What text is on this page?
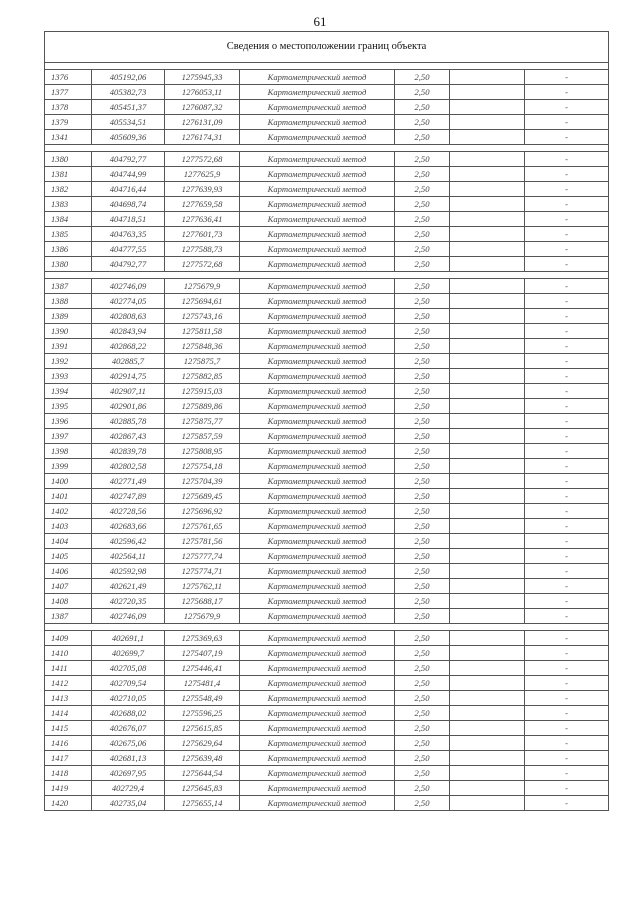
61
Сведения о местоположении границ объекта						

1376	405192,06	1275945,33	Картометрический метод	2,50		-
1377	405382,73	1276053,11	Картометрический метод	2,50		-
1378	405451,37	1276087,32	Картометрический метод	2,50		-
1379	405534,51	1276131,09	Картометрический метод	2,50		-
1341	405609,36	1276174,31	Картометрический метод	2,50		-

1380	404792,77	1277572,68	Картометрический метод	2,50		-
1381	404744,99	1277625,9	Картометрический метод	2,50		-
1382	404716,44	1277639,93	Картометрический метод	2,50		-
1383	404698,74	1277659,58	Картометрический метод	2,50		-
1384	404718,51	1277636,41	Картометрический метод	2,50		-
1385	404763,35	1277601,73	Картометрический метод	2,50		-
1386	404777,55	1277588,73	Картометрический метод	2,50		-
1380	404792,77	1277572,68	Картометрический метод	2,50		-

1387	402746,09	1275679,9	Картометрический метод	2,50		-
1388	402774,05	1275694,61	Картометрический метод	2,50		-
1389	402808,63	1275743,16	Картометрический метод	2,50		-
1390	402843,94	1275811,58	Картометрический метод	2,50		-
1391	402868,22	1275848,36	Картометрический метод	2,50		-
1392	402885,7	1275875,7	Картометрический метод	2,50		-
1393	402914,75	1275882,85	Картометрический метод	2,50		-
1394	402907,11	1275915,03	Картометрический метод	2,50		-
1395	402901,86	1275889,86	Картометрический метод	2,50		-
1396	402885,78	1275875,77	Картометрический метод	2,50		-
1397	402867,43	1275857,59	Картометрический метод	2,50		-
1398	402839,78	1275808,95	Картометрический метод	2,50		-
1399	402802,58	1275754,18	Картометрический метод	2,50		-
1400	402771,49	1275704,39	Картометрический метод	2,50		-
1401	402747,89	1275689,45	Картометрический метод	2,50		-
1402	402728,56	1275696,92	Картометрический метод	2,50		-
1403	402683,66	1275761,65	Картометрический метод	2,50		-
1404	402596,42	1275781,56	Картометрический метод	2,50		-
1405	402564,11	1275777,74	Картометрический метод	2,50		-
1406	402592,98	1275774,71	Картометрический метод	2,50		-
1407	402621,49	1275762,11	Картометрический метод	2,50		-
1408	402720,35	1275688,17	Картометрический метод	2,50		-
1387	402746,09	1275679,9	Картометрический метод	2,50		-

1409	402691,1	1275369,63	Картометрический метод	2,50		-
1410	402699,7	1275407,19	Картометрический метод	2,50		-
1411	402705,08	1275446,41	Картометрический метод	2,50		-
1412	402709,54	1275481,4	Картометрический метод	2,50		-
1413	402710,05	1275548,49	Картометрический метод	2,50		-
1414	402688,02	1275596,25	Картометрический метод	2,50		-
1415	402676,07	1275615,85	Картометрический метод	2,50		-
1416	402675,06	1275629,64	Картометрический метод	2,50		-
1417	402681,13	1275639,48	Картометрический метод	2,50		-
1418	402697,95	1275644,54	Картометрический метод	2,50		-
1419	402729,4	1275645,83	Картометрический метод	2,50		-
1420	402735,04	1275655,14	Картометрический метод	2,50		-
